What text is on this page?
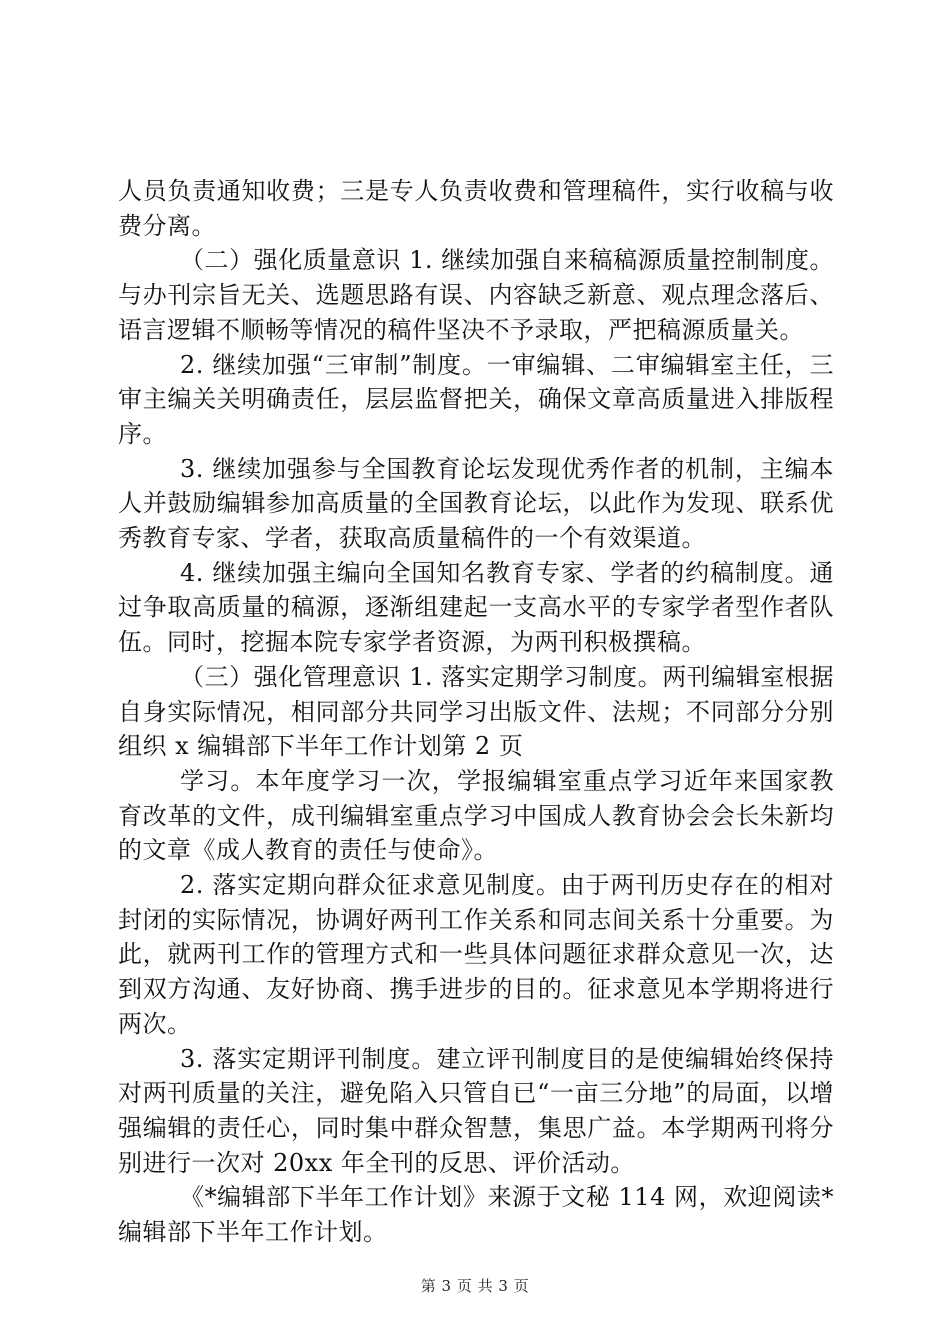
人员负责通知收费；三是专人负责收费和管理稿件，实行收稿与收费分离。

（二）强化质量意识 1. 继续加强自来稿稿源质量控制制度。与办刊宗旨无关、选题思路有误、内容缺乏新意、观点理念落后、语言逻辑不顺畅等情况的稿件坚决不予录取，严把稿源质量关。

2. 继续加强“三审制”制度。一审编辑、二审编辑室主任，三审主编关关明确责任，层层监督把关，确保文章高质量进入排版程序。

3. 继续加强参与全国教育论坛发现优秀作者的机制，主编本人并鼓励编辑参加高质量的全国教育论坛，以此作为发现、联系优秀教育专家、学者，获取高质量稿件的一个有效渠道。

4. 继续加强主编向全国知名教育专家、学者的约稿制度。通过争取高质量的稿源，逐渐组建起一支高水平的专家学者型作者队伍。同时，挖掘本院专家学者资源，为两刊积极撰稿。

（三）强化管理意识 1. 落实定期学习制度。两刊编辑室根据自身实际情况，相同部分共同学习出版文件、法规；不同部分分别组织 x 编辑部下半年工作计划第 2 页

学习。本年度学习一次，学报编辑室重点学习近年来国家教育改革的文件，成刊编辑室重点学习中国成人教育协会会长朱新均的文章《成人教育的责任与使命》。

2. 落实定期向群众征求意见制度。由于两刊历史存在的相对封闭的实际情况，协调好两刊工作关系和同志间关系十分重要。为此，就两刊工作的管理方式和一些具体问题征求群众意见一次，达到双方沟通、友好协商、携手进步的目的。征求意见本学期将进行两次。

3. 落实定期评刊制度。建立评刊制度目的是使编辑始终保持对两刊质量的关注，避免陷入只管自已“一亩三分地”的局面，以增强编辑的责任心，同时集中群众智慧，集思广益。本学期两刊将分别进行一次对 20xx 年全刊的反思、评价活动。

《*编辑部下半年工作计划》来源于文秘 114 网，欢迎阅读*编辑部下半年工作计划。

第 3 页 共 3 页
